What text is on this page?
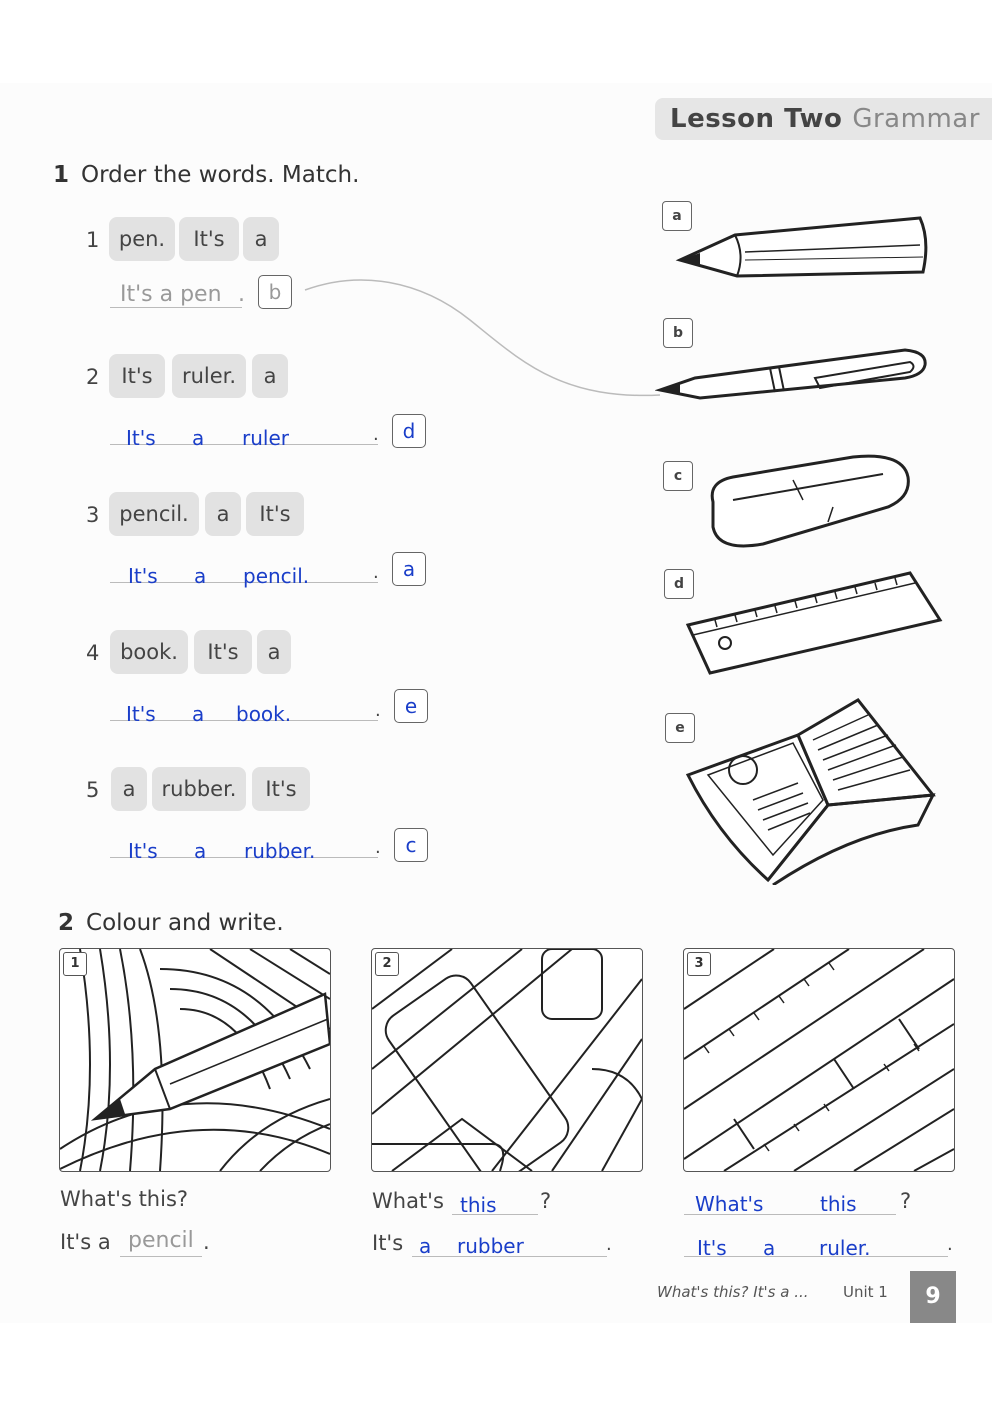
Lesson Two Grammar
1 Order the words. Match.
1 pen.	It's	a
It's a pen .	b
2	It's	ruler.	a
It's a ruler	.	d
3 pencil.	a	It's
It's a pencil.	.	a
4 book.	It's	a
It's a book.	.	e
5	a	rubber.	It's
It's a rubber.	.	c
a
b
c
d
e
2 Colour and write.
1	2	3
What's this?
It's a pencil .
What's this ?
It's a rubber	.
What's	this ?
It's a ruler.	.
What's this? It's a ... Unit 1	9
